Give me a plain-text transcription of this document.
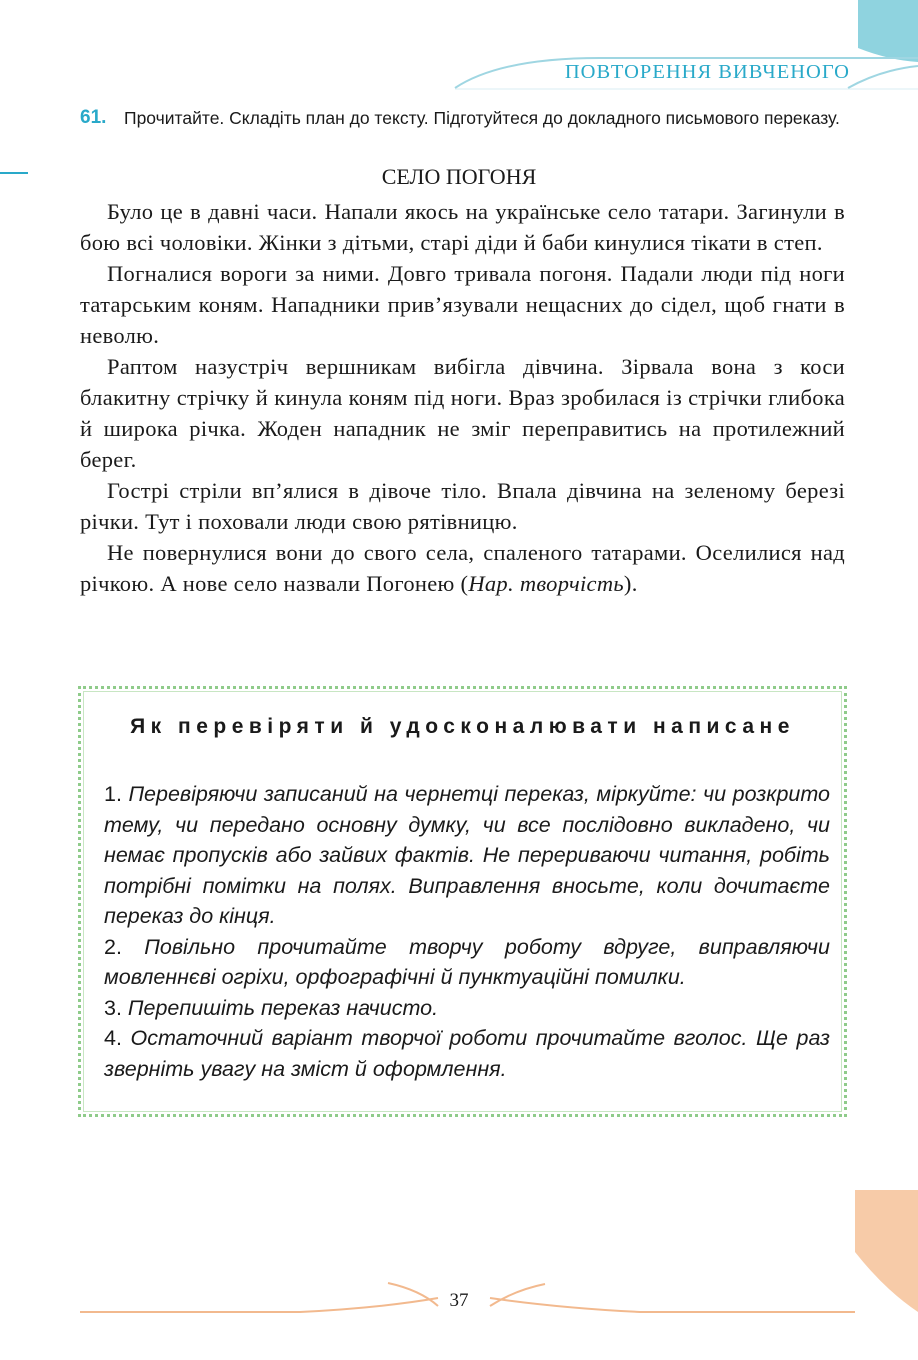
ПОВТОРЕННЯ ВИВЧЕНОГО
61. Прочитайте. Складіть план до тексту. Підготуйтеся до докладного письмового переказу.
СЕЛО ПОГОНЯ

Було це в давні часи. Напали якось на українське село татари. Загинули в бою всі чоловіки. Жінки з дітьми, старі діди й баби кинулися тікати в степ.

Погналися вороги за ними. Довго тривала погоня. Падали люди під ноги татарським коням. Нападники прив’язували нещасних до сідел, щоб гнати в неволю.

Раптом назустріч вершникам вибігла дівчина. Зірвала вона з коси блакитну стрічку й кинула коням під ноги. Враз зробилася із стрічки глибока й широка річка. Жоден нападник не зміг переправитись на протилежний берег.

Гострі стріли вп’ялися в дівоче тіло. Впала дівчина на зеленому березі річки. Тут і поховали люди свою рятівницю.

Не повернулися вони до свого села, спаленого татарами. Оселилися над річкою. А нове село назвали Погонею (Нар. творчість).

Як перевіряти й удосконалювати написане

1. Перевіряючи записаний на чернетці переказ, міркуйте: чи розкрито тему, чи передано основну думку, чи все послідовно викладено, чи немає пропусків або зайвих фактів. Не перериваючи читання, робіть потрібні помітки на полях. Виправлення вносьте, коли дочитаєте переказ до кінця.

2. Повільно прочитайте творчу роботу вдруге, виправляючи мовленнєві огріхи, орфографічні й пунктуаційні помилки.

3. Перепишіть переказ начисто.

4. Остаточний варіант творчої роботи прочитайте вголос. Ще раз зверніть увагу на зміст й оформлення.

37
